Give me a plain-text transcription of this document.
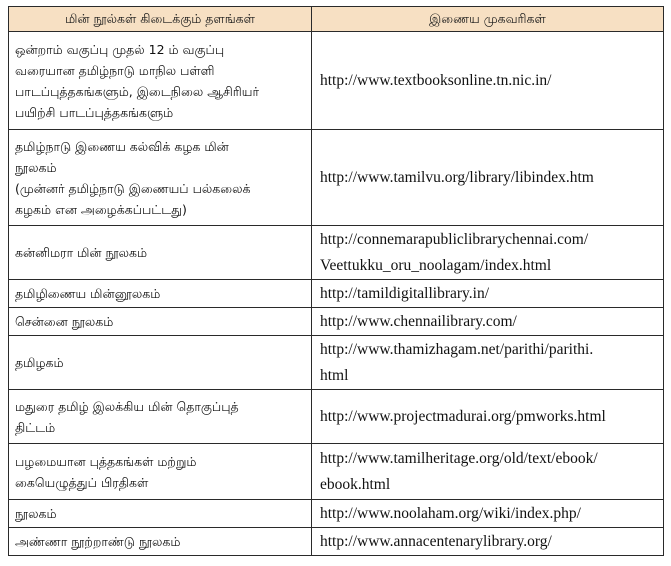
மின் நூல்கள் கிடைக்கும் தளங்கள்	இணைய முகவரிகள்
ஒன்றாம் வகுப்பு முதல் 12 ம் வகுப்பு
வரையான தமிழ்நாடு மாநில பள்ளி
பாடப்புத்தகங்களும், இடைநிலை ஆசிரியர்
பயிற்சி பாடப்புத்தகங்களும்	http://www.textbooksonline.tn.nic.in/
தமிழ்நாடு இணைய கல்விக் கழக மின்
நூலகம்
(முன்னர் தமிழ்நாடு இணையப் பல்கலைக்
கழகம் என அழைக்கப்பட்டது)	http://www.tamilvu.org/library/libindex.htm
கன்னிமரா மின் நூலகம்	http://connemarapubliclibrarychennai.com/
Veettukku_oru_noolagam/index.html
தமிழிணைய மின்னூலகம்	http://tamildigitallibrary.in/
சென்னை நூலகம்	http://www.chennailibrary.com/
தமிழகம்	http://www.thamizhagam.net/parithi/parithi.
html
மதுரை தமிழ் இலக்கிய மின் தொகுப்புத்
திட்டம்	http://www.projectmadurai.org/pmworks.html
பழமையான புத்தகங்கள் மற்றும்
கையெழுத்துப் பிரதிகள்	http://www.tamilheritage.org/old/text/ebook/
ebook.html
நூலகம்	http://www.noolaham.org/wiki/index.php/
அண்ணா நூற்றாண்டு நூலகம்	http://www.annacentenarylibrary.org/
